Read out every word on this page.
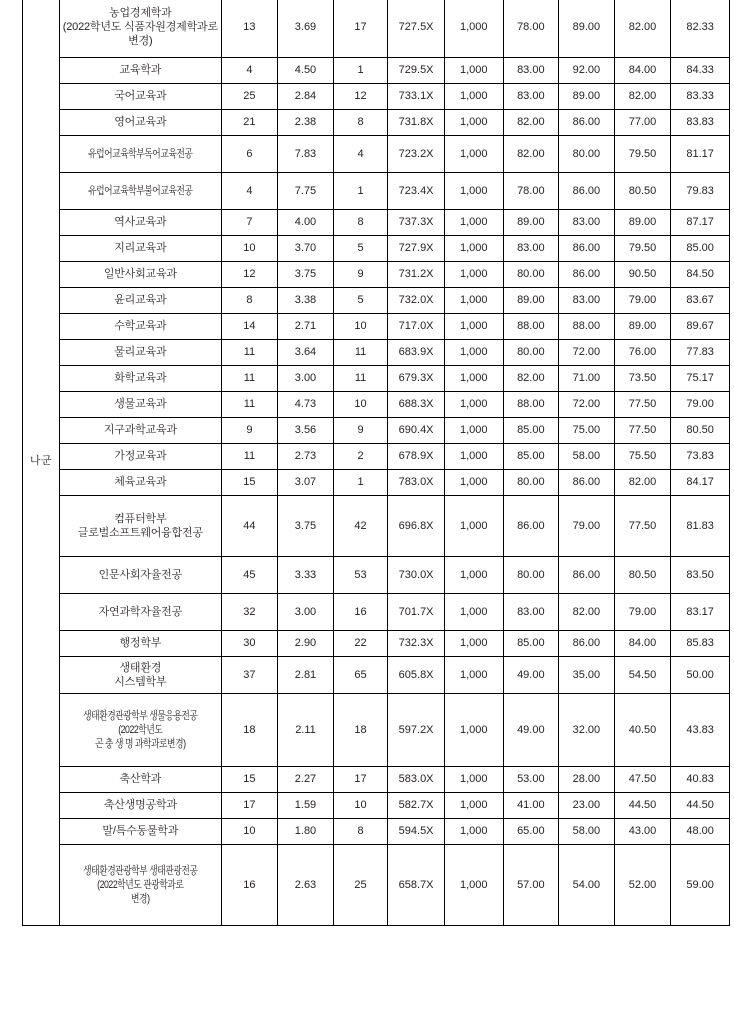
나군	농업경제학과
(2022학년도 식품자원경제학과로
변경)	13	3.69	17	727.5X	1,000	78.00	89.00	82.00	82.33

	교육학과	4	4.50	1	729.5X	1,000	83.00	92.00	84.00	84.33

	국어교육과	25	2.84	12	733.1X	1,000	83.00	89.00	82.00	83.33

	영어교육과	21	2.38	8	731.8X	1,000	82.00	86.00	77.00	83.83

	유럽어교육학부독어교육전공	6	7.83	4	723.2X	1,000	82.00	80.00	79.50	81.17

	유럽어교육학부불어교육전공	4	7.75	1	723.4X	1,000	78.00	86.00	80.50	79.83

	역사교육과	7	4.00	8	737.3X	1,000	89.00	83.00	89.00	87.17

	지리교육과	10	3.70	5	727.9X	1,000	83.00	86.00	79.50	85.00

	일반사회교육과	12	3.75	9	731.2X	1,000	80.00	86.00	90.50	84.50

	윤리교육과	8	3.38	5	732.0X	1,000	89.00	83.00	79.00	83.67

	수학교육과	14	2.71	10	717.0X	1,000	88.00	88.00	89.00	89.67

	물리교육과	11	3.64	11	683.9X	1,000	80.00	72.00	76.00	77.83

	화학교육과	11	3.00	11	679.3X	1,000	82.00	71.00	73.50	75.17

	생물교육과	11	4.73	10	688.3X	1,000	88.00	72.00	77.50	79.00

	지구과학교육과	9	3.56	9	690.4X	1,000	85.00	75.00	77.50	80.50

	가정교육과	11	2.73	2	678.9X	1,000	85.00	58.00	75.50	73.83

	체육교육과	15	3.07	1	783.0X	1,000	80.00	86.00	82.00	84.17

	컴퓨터학부
글로벌소프트웨어융합전공	44	3.75	42	696.8X	1,000	86.00	79.00	77.50	81.83

	인문사회자율전공	45	3.33	53	730.0X	1,000	80.00	86.00	80.50	83.50

	자연과학자율전공	32	3.00	16	701.7X	1,000	83.00	82.00	79.00	83.17

	행정학부	30	2.90	22	732.3X	1,000	85.00	86.00	84.00	85.83

	생태환경
시스템학부	37	2.81	65	605.8X	1,000	49.00	35.00	54.50	50.00

	생태환경관광학부 생물응용전공
(2022학년도
곤 충 생 명 과학과로변경)	18	2.11	18	597.2X	1,000	49.00	32.00	40.50	43.83

	축산학과	15	2.27	17	583.0X	1,000	53.00	28.00	47.50	40.83

	축산생명공학과	17	1.59	10	582.7X	1,000	41.00	23.00	44.50	44.50

	말/특수동물학과	10	1.80	8	594.5X	1,000	65.00	58.00	43.00	48.00

	생태환경관광학부 생태관광전공
(2022학년도 관광학과로
변경)	16	2.63	25	658.7X	1,000	57.00	54.00	52.00	59.00
